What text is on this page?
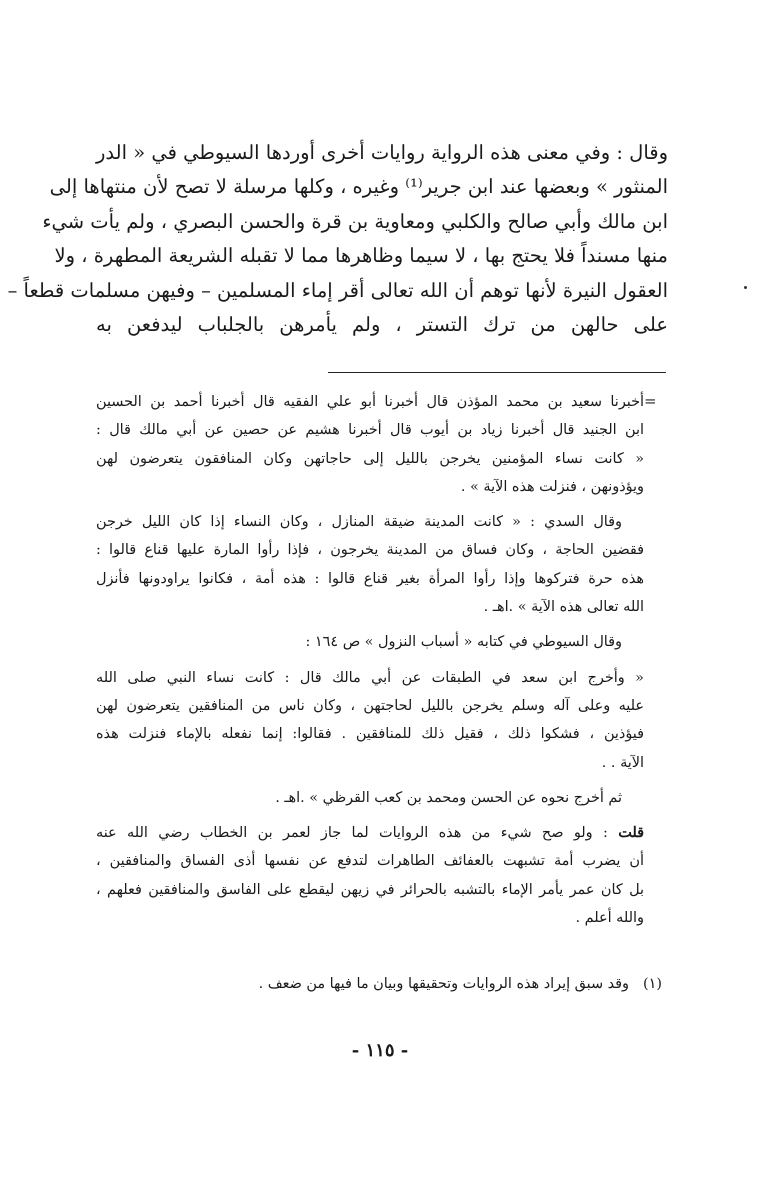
وقال : وفي معنى هذه الرواية روايات أخرى أوردها السيوطي في « الدر
المنثور » وبعضها عند ابن جرير⁽¹⁾ وغيره ، وكلها مرسلة لا تصح لأن منتهاها إلى
ابن مالك وأبي صالح والكلبي ومعاوية بن قرة والحسن البصري ، ولم يأت شيء
منها مسنداً فلا يحتج بها ، لا سيما وظاهرها مما لا تقبله الشريعة المطهرة ، ولا
العقول النيرة لأنها توهم أن الله تعالى أقر إماء المسلمين – وفيهن مسلمات قطعاً –
على حالهن من ترك التستر ، ولم يأمرهن بالجلباب ليدفعن به
=
أخبرنا سعيد بن محمد المؤذن قال أخبرنا أبو علي الفقيه قال أخبرنا أحمد بن الحسين
ابن الجنيد قال أخبرنا زياد بن أيوب قال أخبرنا هشيم عن حصين عن أبي مالك قال :
« كانت نساء المؤمنين يخرجن بالليل إلى حاجاتهن وكان المنافقون يتعرضون لهن
ويؤذونهن ، فنزلت هذه الآية » .
وقال السدي : « كانت المدينة ضيقة المنازل ، وكان النساء إذا كان الليل خرجن
فقضين الحاجة ، وكان فساق من المدينة يخرجون ، فإذا رأوا المارة عليها قناع قالوا :
هذه حرة فتركوها وإذا رأوا المرأة بغير قناع قالوا : هذه أمة ، فكانوا يراودونها فأنزل
الله تعالى هذه الآية » .اهـ .
وقال السيوطي في كتابه « أسباب النزول » ص ١٦٤ :
« وأخرج ابن سعد في الطبقات عن أبي مالك قال : كانت نساء النبي صلى الله
عليه وعلى آله وسلم يخرجن بالليل لحاجتهن ، وكان ناس من المنافقين يتعرضون لهن
فيؤذين ، فشكوا ذلك ، فقيل ذلك للمنافقين . فقالوا: إنما نفعله بالإماء فنزلت هذه
الآية . .
ثم أخرج نحوه عن الحسن ومحمد بن كعب القرظي » .اهـ .
قلت : ولو صح شيء من هذه الروايات لما جاز لعمر بن الخطاب رضي الله عنه
أن يضرب أمة تشبهت بالعفائف الطاهرات لتدفع عن نفسها أذى الفساق والمنافقين ،
بل كان عمر يأمر الإماء بالتشبه بالحرائر في زيهن ليقطع على الفاسق والمنافقين فعلهم ،
والله أعلم .
(١)وقد سبق إيراد هذه الروايات وتحقيقها وبيان ما فيها من ضعف .
- ١١٥ -
